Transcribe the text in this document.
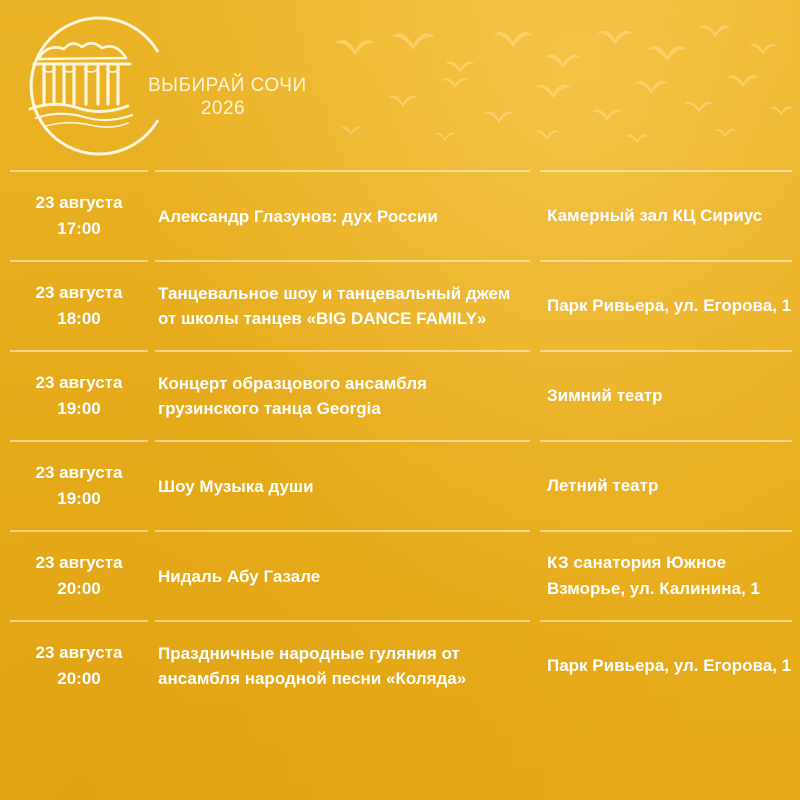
ВЫБИРАЙ СОЧИ
2026
23 августа
17:00
Александр Глазунов: дух России	Камерный зал КЦ Сириус
23 августа
18:00
Танцевальное шоу и танцевальный джем от школы танцев «BIG DANCE FAMILY»
Парк Ривьера, ул. Егорова, 1
23 августа
19:00
Концерт образцового ансамбля грузинского танца Georgia
Зимний театр
23 августа
19:00
Шоу Музыка души	Летний театр
23 августа
20:00
Нидаль Абу Газале
КЗ санатория Южное Взморье, ул. Калинина, 1
23 августа
20:00
Праздничные народные гуляния от ансамбля народной песни «Коляда»
Парк Ривьера, ул. Егорова, 1
